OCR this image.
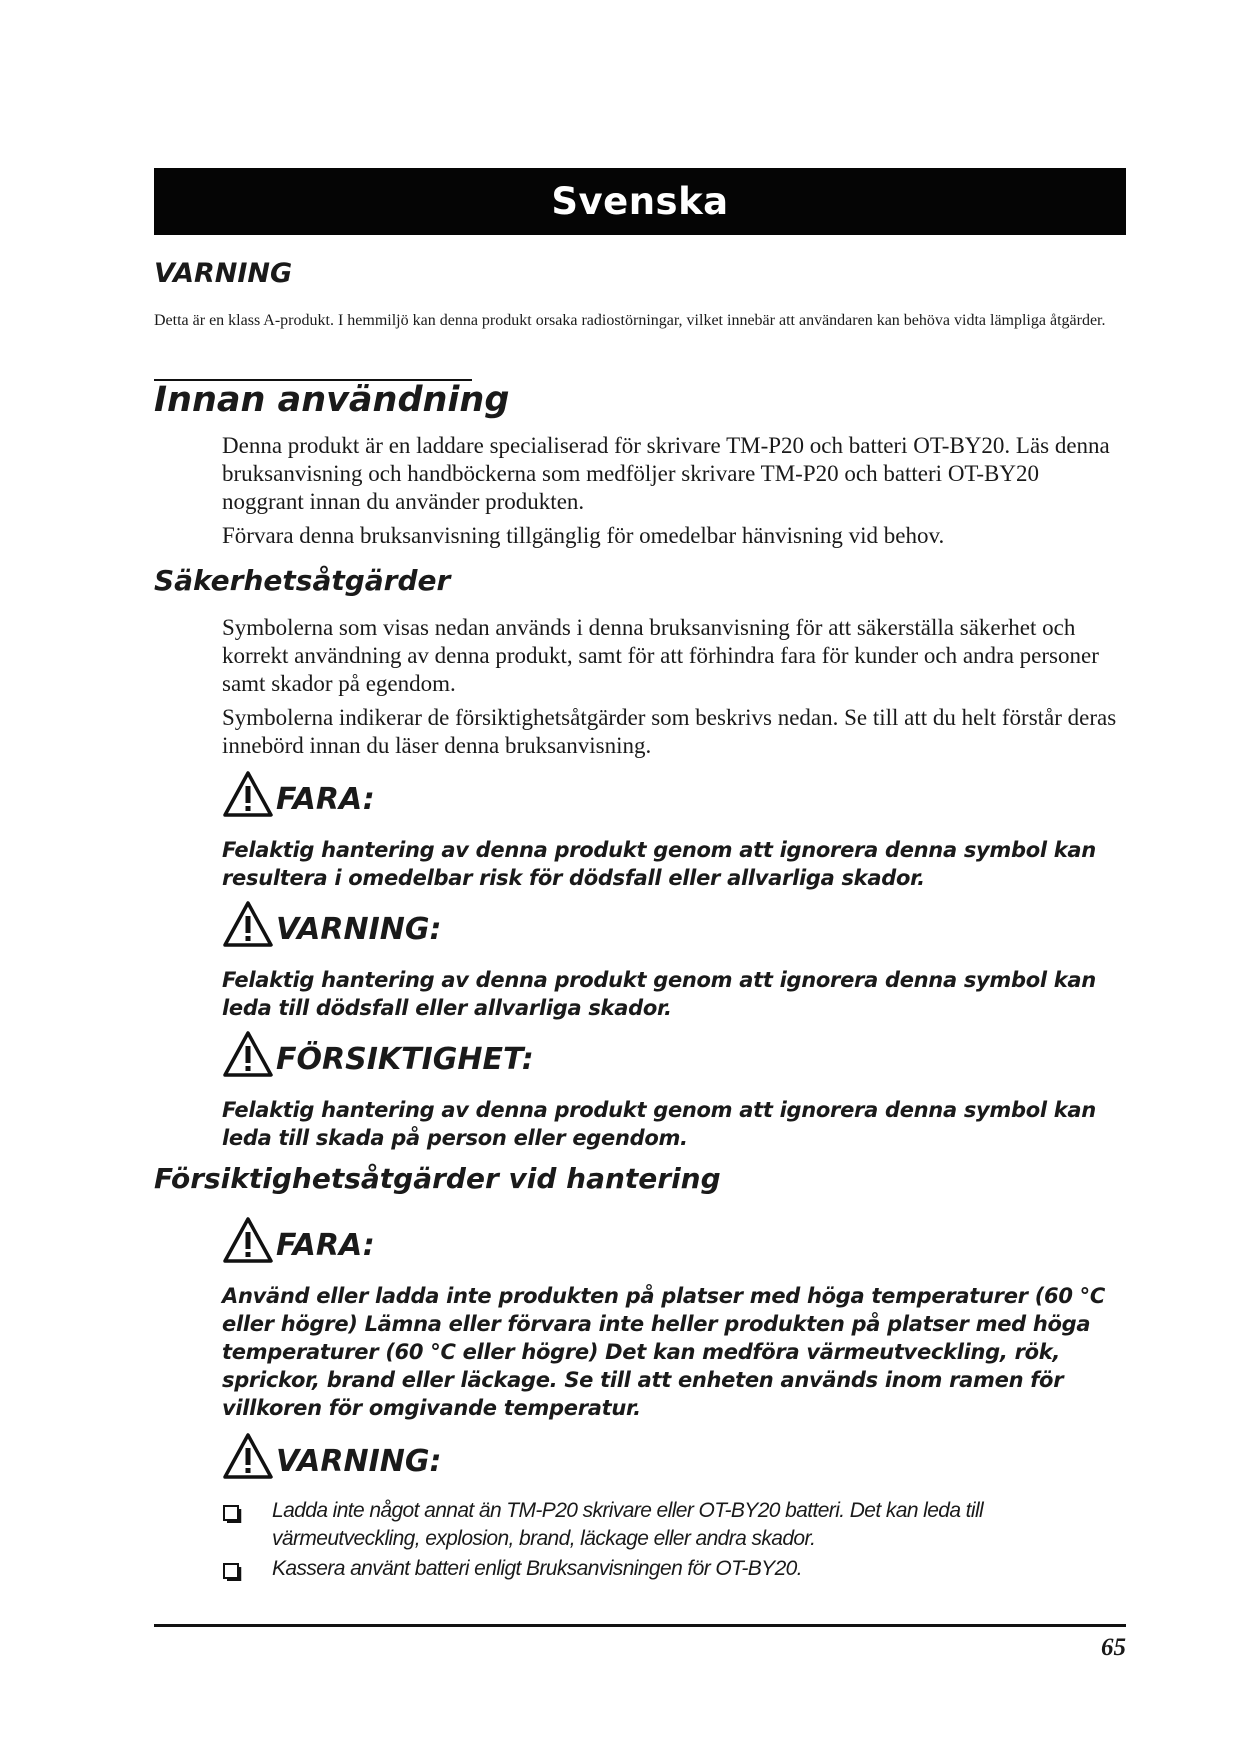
Svenska
VARNING
Detta är en klass A-produkt. I hemmiljö kan denna produkt orsaka radiostörningar, vilket innebär att användaren kan behöva vidta lämpliga åtgärder.
Innan användning
Denna produkt är en laddare specialiserad för skrivare TM-P20 och batteri OT-BY20. Läs denna bruksanvisning och handböckerna som medföljer skrivare TM-P20 och batteri OT-BY20 noggrant innan du använder produkten.
Förvara denna bruksanvisning tillgänglig för omedelbar hänvisning vid behov.
Säkerhetsåtgärder
Symbolerna som visas nedan används i denna bruksanvisning för att säkerställa säkerhet och korrekt användning av denna produkt, samt för att förhindra fara för kunder och andra personer samt skador på egendom.
Symbolerna indikerar de försiktighetsåtgärder som beskrivs nedan. Se till att du helt förstår deras innebörd innan du läser denna bruksanvisning.
FARA:
Felaktig hantering av denna produkt genom att ignorera denna symbol kan resultera i omedelbar risk för dödsfall eller allvarliga skador.
VARNING:
Felaktig hantering av denna produkt genom att ignorera denna symbol kan leda till dödsfall eller allvarliga skador.
FÖRSIKTIGHET:
Felaktig hantering av denna produkt genom att ignorera denna symbol kan leda till skada på person eller egendom.
Försiktighetsåtgärder vid hantering
FARA:
Använd eller ladda inte produkten på platser med höga temperaturer (60 °C eller högre) Lämna eller förvara inte heller produkten på platser med höga temperaturer (60 °C eller högre) Det kan medföra värmeutveckling, rök, sprickor, brand eller läckage. Se till att enheten används inom ramen för villkoren för omgivande temperatur.
VARNING:
Ladda inte något annat än TM-P20 skrivare eller OT-BY20 batteri. Det kan leda till värmeutveckling, explosion, brand, läckage eller andra skador.
Kassera använt batteri enligt Bruksanvisningen för OT-BY20.
65
